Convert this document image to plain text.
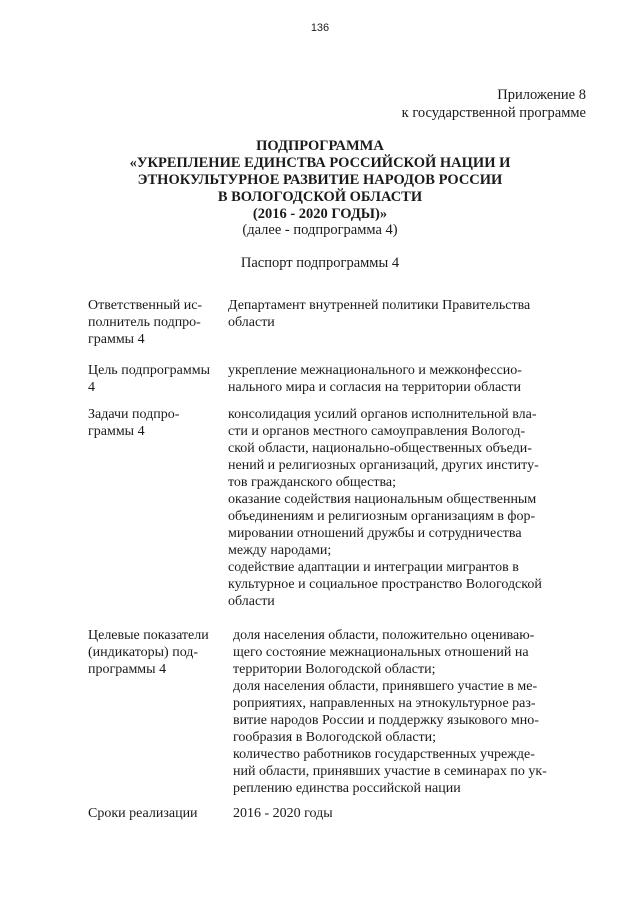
136
Приложение 8
к государственной программе
ПОДПРОГРАММА
«УКРЕПЛЕНИЕ ЕДИНСТВА РОССИЙСКОЙ НАЦИИ И
ЭТНОКУЛЬТУРНОЕ РАЗВИТИЕ НАРОДОВ РОССИИ
В ВОЛОГОДСКОЙ ОБЛАСТИ
(2016 - 2020 ГОДЫ)»
(далее - подпрограмма 4)
Паспорт подпрограммы 4
Ответственный ис-
полнитель подпро-
граммы 4
Департамент внутренней политики Правительства
области
Цель подпрограммы
4
укрепление межнационального и межконфессио-
нального мира и согласия на территории области
Задачи подпро-
граммы 4
консолидация усилий органов исполнительной вла-
сти и органов местного самоуправления Вологод-
ской области, национально-общественных объеди-
нений и религиозных организаций, других институ-
тов гражданского общества;
оказание содействия национальным общественным
объединениям и религиозным организациям в фор-
мировании отношений дружбы и сотрудничества
между народами;
содействие адаптации и интеграции мигрантов в
культурное и социальное пространство Вологодской
области
Целевые показатели
(индикаторы) под-
программы 4
доля населения области, положительно оцениваю-
щего состояние межнациональных отношений на
территории Вологодской области;
доля населения области, принявшего участие в ме-
роприятиях, направленных на этнокультурное раз-
витие народов России и поддержку языкового мно-
гообразия в Вологодской области;
количество работников государственных учрежде-
ний области, принявших участие в семинарах по ук-
реплению единства российской нации
Сроки реализации	2016 - 2020 годы
